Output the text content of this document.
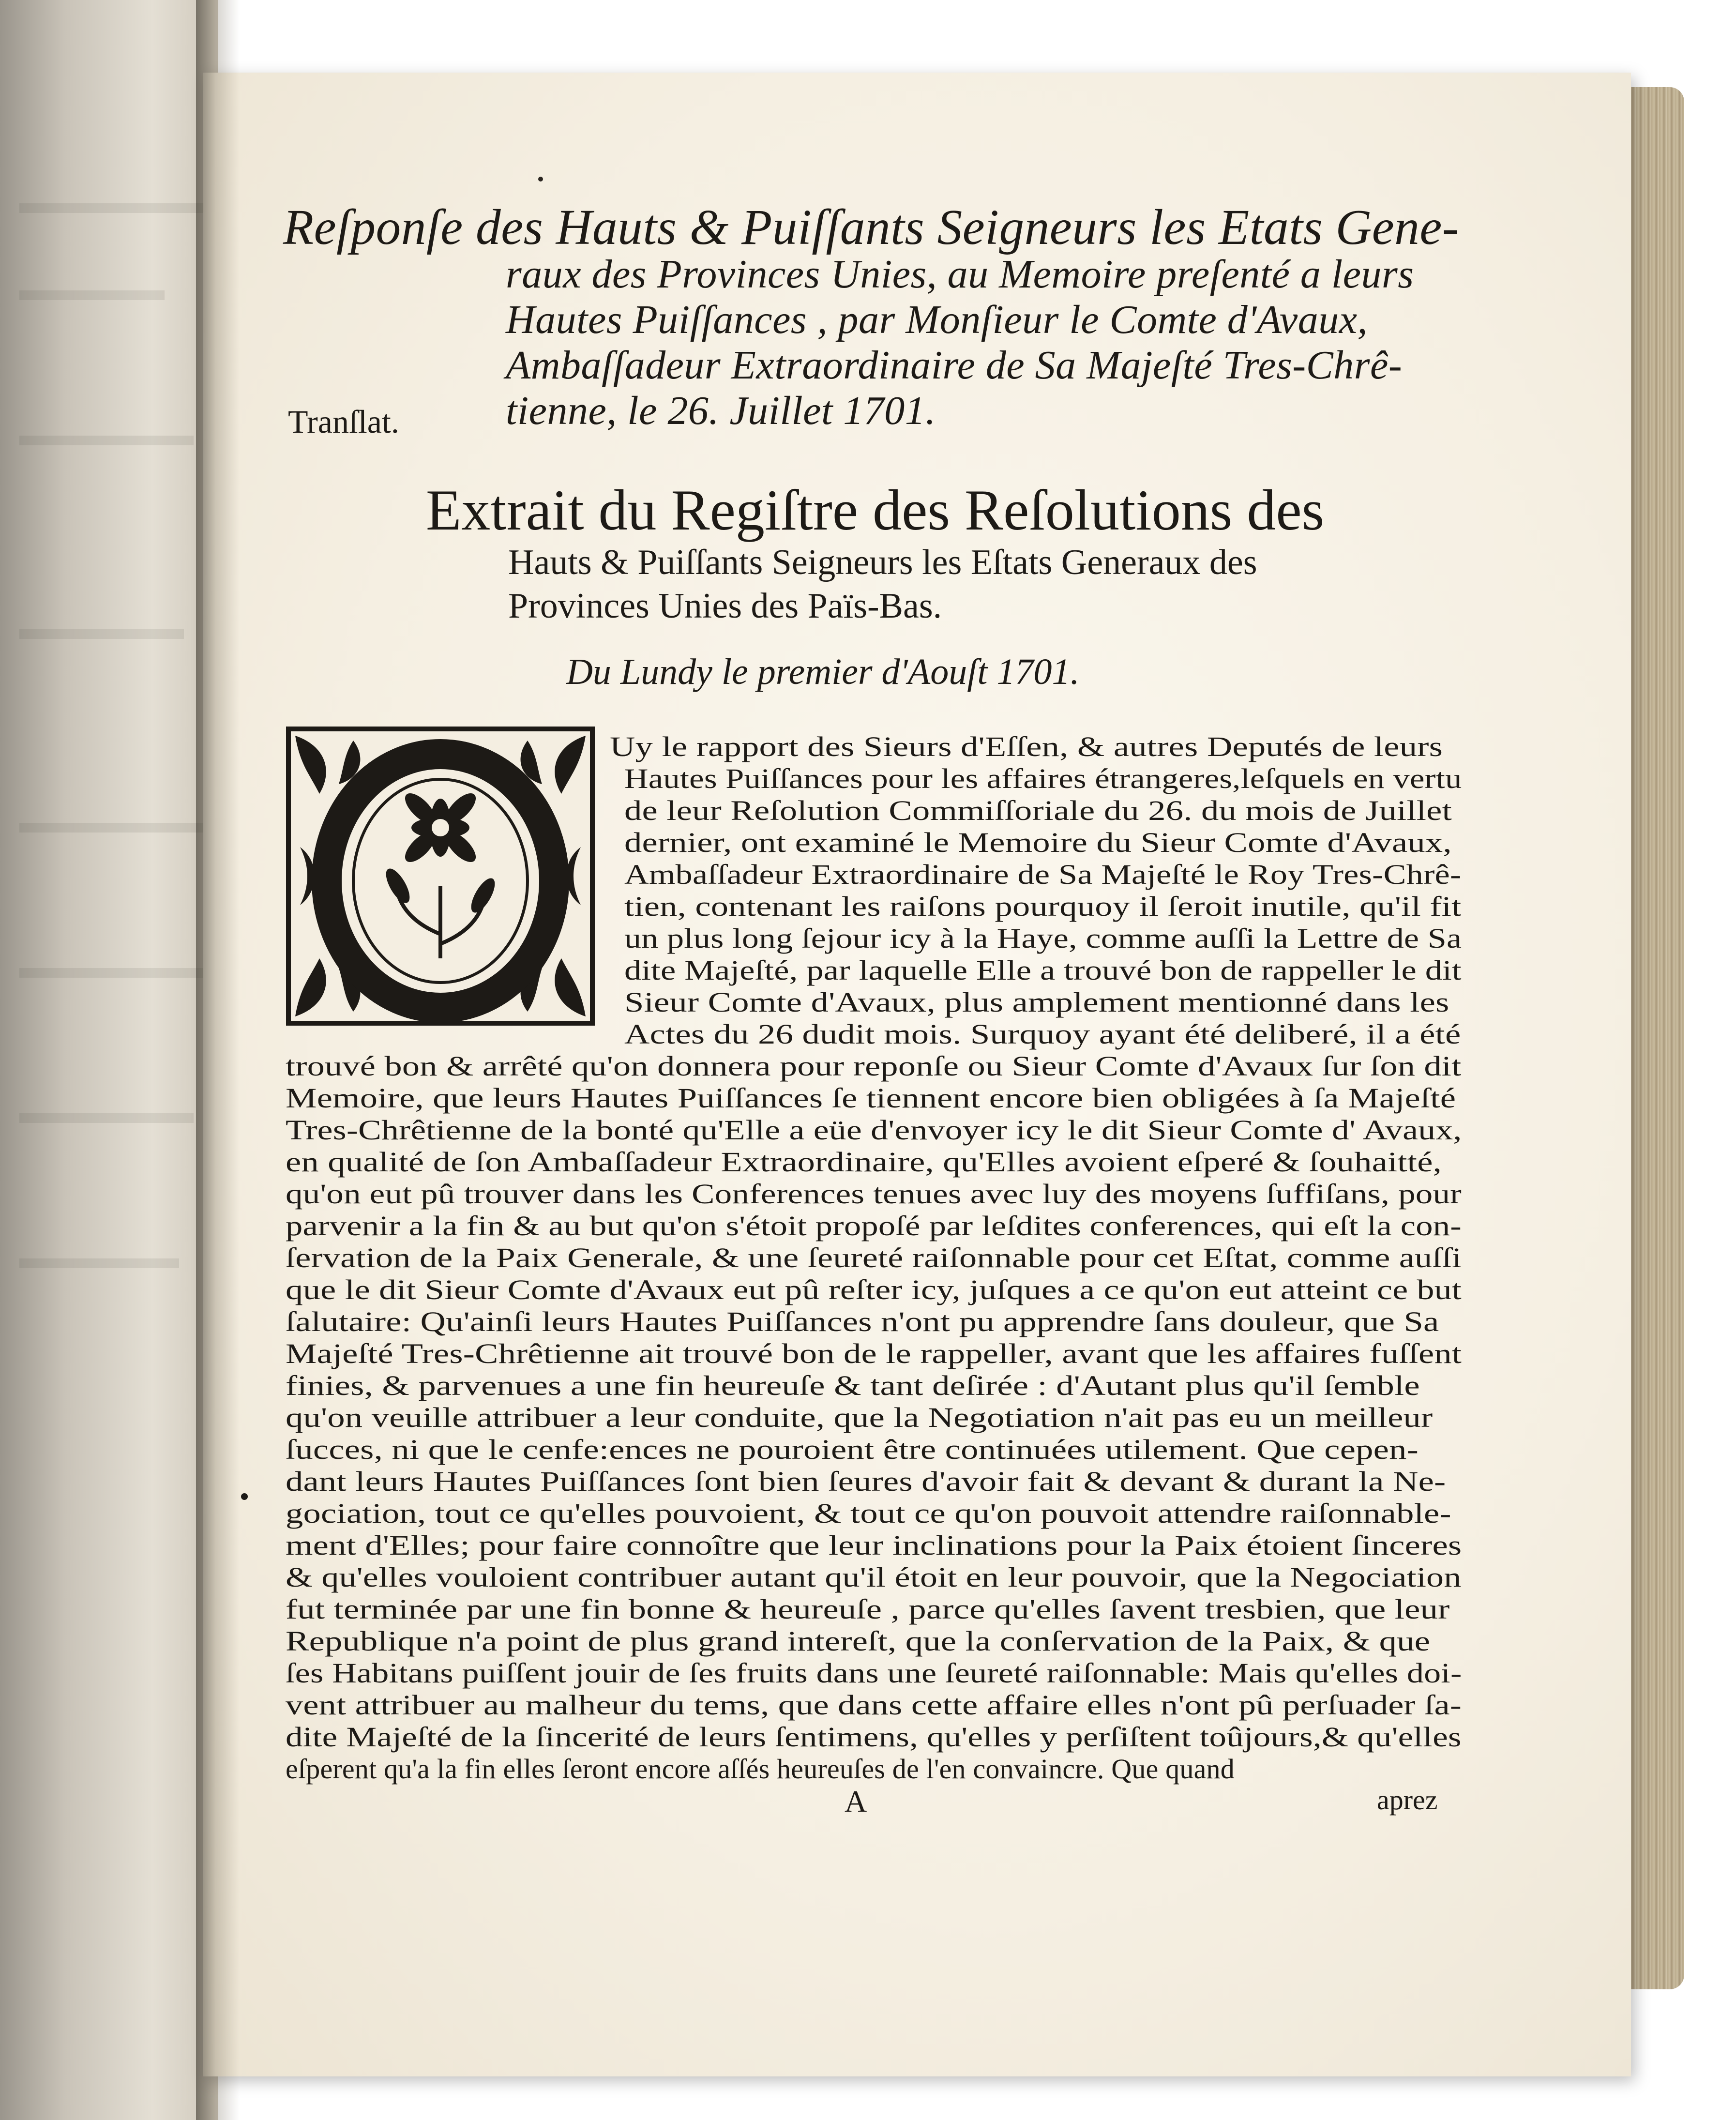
Reſponſe des Hauts & Puiſſants Seigneurs les Etats Gene-
raux des Provinces Unies, au Memoire preſenté a leurs
Hautes Puiſſances , par Monſieur le Comte d'Avaux,
Ambaſſadeur Extraordinaire de Sa Majeſté Tres-Chrê-
tienne, le 26. Juillet 1701.
Tranſlat.
Extrait du Regiſtre des Reſolutions des
Hauts & Puiſſants Seigneurs les Eſtats Generaux des
Provinces Unies des Païs-Bas.
Du Lundy le premier d'Aouſt 1701.
Uy le rapport des Sieurs d'Eſſen, & autres Deputés de leurs
Hautes Puiſſances pour les affaires étrangeres,leſquels en vertu
de leur Reſolution Commiſſoriale du 26. du mois de Juillet
dernier, ont examiné le Memoire du Sieur Comte d'Avaux,
Ambaſſadeur Extraordinaire de Sa Majeſté le Roy Tres-Chrê-
tien, contenant les raiſons pourquoy il ſeroit inutile, qu'il fit
un plus long ſejour icy à la Haye, comme auſſi la Lettre de Sa
dite Majeſté, par laquelle Elle a trouvé bon de rappeller le dit
Sieur Comte d'Avaux, plus amplement mentionné dans les
Actes du 26 dudit mois. Surquoy ayant été deliberé, il a été
trouvé bon & arrêté qu'on donnera pour reponſe ou Sieur Comte d'Avaux ſur ſon dit
Memoire, que leurs Hautes Puiſſances ſe tiennent encore bien obligées à ſa Majeſté
Tres-Chrêtienne de la bonté qu'Elle a eüe d'envoyer icy le dit Sieur Comte d' Avaux,
en qualité de ſon Ambaſſadeur Extraordinaire, qu'Elles avoient eſperé & ſouhaitté,
qu'on eut pû trouver dans les Conferences tenues avec luy des moyens ſuffiſans, pour
parvenir a la fin & au but qu'on s'étoit propoſé par leſdites conferences, qui eſt la con-
ſervation de la Paix Generale, & une ſeureté raiſonnable pour cet Eſtat, comme auſſi
que le dit Sieur Comte d'Avaux eut pû reſter icy, juſques a ce qu'on eut atteint ce but
ſalutaire: Qu'ainſi leurs Hautes Puiſſances n'ont pu apprendre ſans douleur, que Sa
Majeſté Tres-Chrêtienne ait trouvé bon de le rappeller, avant que les affaires fuſſent
finies, & parvenues a une fin heureuſe & tant deſirée : d'Autant plus qu'il ſemble
qu'on veuille attribuer a leur conduite, que la Negotiation n'ait pas eu un meilleur
ſucces, ni que le cenfe:ences ne pouroient être continuées utilement. Que cepen-
dant leurs Hautes Puiſſances ſont bien ſeures d'avoir fait & devant & durant la Ne-
gociation, tout ce qu'elles pouvoient, & tout ce qu'on pouvoit attendre raiſonnable-
ment d'Elles; pour faire connoître que leur inclinations pour la Paix étoient ſinceres
& qu'elles vouloient contribuer autant qu'il étoit en leur pouvoir, que la Negociation
fut terminée par une fin bonne & heureuſe , parce qu'elles ſavent tresbien, que leur
Republique n'a point de plus grand intereſt, que la conſervation de la Paix, & que
ſes Habitans puiſſent jouir de ſes fruits dans une ſeureté raiſonnable: Mais qu'elles doi-
vent attribuer au malheur du tems, que dans cette affaire elles n'ont pû perſuader ſa-
dite Majeſté de la ſincerité de leurs ſentimens, qu'elles y perſiſtent toûjours,& qu'elles
eſperent qu'a la fin elles ſeront encore aſſés heureuſes de l'en convaincre. Que quand
A	aprez
